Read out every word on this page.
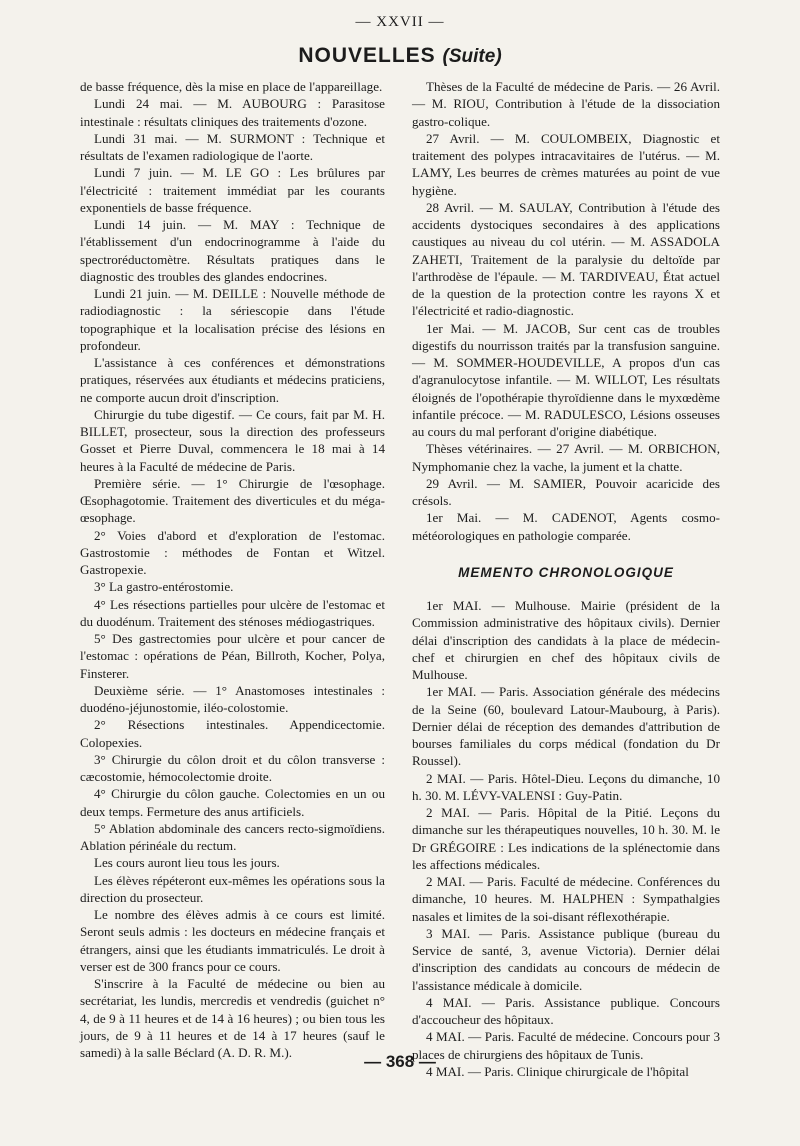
— XXVII —
NOUVELLES (Suite)

de basse fréquence, dès la mise en place de l'appareillage.

Lundi 24 mai. — M. AUBOURG : Parasitose intestinale : résultats cliniques des traitements d'ozone.

Lundi 31 mai. — M. SURMONT : Technique et résultats de l'examen radiologique de l'aorte.

Lundi 7 juin. — M. LE GO : Les brûlures par l'électricité : traitement immédiat par les courants exponentiels de basse fréquence.

Lundi 14 juin. — M. MAY : Technique de l'établissement d'un endocrinogramme à l'aide du spectroréductomètre. Résultats pratiques dans le diagnostic des troubles des glandes endocrines.

Lundi 21 juin. — M. DEILLE : Nouvelle méthode de radiodiagnostic : la sériescopie dans l'étude topographique et la localisation précise des lésions en profondeur.

L'assistance à ces conférences et démonstrations pratiques, réservées aux étudiants et médecins praticiens, ne comporte aucun droit d'inscription.

Chirurgie du tube digestif. — Ce cours, fait par M. H. BILLET, prosecteur, sous la direction des professeurs Gosset et Pierre Duval, commencera le 18 mai à 14 heures à la Faculté de médecine de Paris.

Première série. — 1° Chirurgie de l'œsophage. Œsophagotomie. Traitement des diverticules et du méga-œsophage.

2° Voies d'abord et d'exploration de l'estomac. Gastrostomie : méthodes de Fontan et Witzel. Gastropexie.

3° La gastro-entérostomie.

4° Les résections partielles pour ulcère de l'estomac et du duodénum. Traitement des sténoses médiogastriques.

5° Des gastrectomies pour ulcère et pour cancer de l'estomac : opérations de Péan, Billroth, Kocher, Polya, Finsterer.

Deuxième série. — 1° Anastomoses intestinales : duodéno-jéjunostomie, iléo-colostomie.

2° Résections intestinales. Appendicectomie. Colopexies.

3° Chirurgie du côlon droit et du côlon transverse : cæcostomie, hémocolectomie droite.

4° Chirurgie du côlon gauche. Colectomies en un ou deux temps. Fermeture des anus artificiels.

5° Ablation abdominale des cancers recto-sigmoïdiens. Ablation périnéale du rectum.

Les cours auront lieu tous les jours.

Les élèves répéteront eux-mêmes les opérations sous la direction du prosecteur.

Le nombre des élèves admis à ce cours est limité. Seront seuls admis : les docteurs en médecine français et étrangers, ainsi que les étudiants immatriculés. Le droit à verser est de 300 francs pour ce cours.

S'inscrire à la Faculté de médecine ou bien au secrétariat, les lundis, mercredis et vendredis (guichet n° 4, de 9 à 11 heures et de 14 à 16 heures) ; ou bien tous les jours, de 9 à 11 heures et de 14 à 17 heures (sauf le samedi) à la salle Béclard (A. D. R. M.).

Thèses de la Faculté de médecine de Paris. — 26 Avril. — M. RIOU, Contribution à l'étude de la dissociation gastro-colique.

27 Avril. — M. COULOMBEIX, Diagnostic et traitement des polypes intracavitaires de l'utérus. — M. LAMY, Les beurres de crèmes maturées au point de vue hygiène.

28 Avril. — M. SAULAY, Contribution à l'étude des accidents dystociques secondaires à des applications caustiques au niveau du col utérin. — M. ASSADOLA ZAHETI, Traitement de la paralysie du deltoïde par l'arthrodèse de l'épaule. — M. TARDIVEAU, État actuel de la question de la protection contre les rayons X et l'électricité et radio-diagnostic.

1er Mai. — M. JACOB, Sur cent cas de troubles digestifs du nourrisson traités par la transfusion sanguine. — M. SOMMER-HOUDEVILLE, A propos d'un cas d'agranulocytose infantile. — M. WILLOT, Les résultats éloignés de l'opothérapie thyroïdienne dans le myxœdème infantile précoce. — M. RADULESCO, Lésions osseuses au cours du mal perforant d'origine diabétique.

Thèses vétérinaires. — 27 Avril. — M. ORBICHON, Nymphomanie chez la vache, la jument et la chatte.

29 Avril. — M. SAMIER, Pouvoir acaricide des crésols.

1er Mai. — M. CADENOT, Agents cosmo-météorologiques en pathologie comparée.

MEMENTO CHRONOLOGIQUE

1er MAI. — Mulhouse. Mairie (président de la Commission administrative des hôpitaux civils). Dernier délai d'inscription des candidats à la place de médecin-chef et chirurgien en chef des hôpitaux civils de Mulhouse.

1er MAI. — Paris. Association générale des médecins de la Seine (60, boulevard Latour-Maubourg, à Paris). Dernier délai de réception des demandes d'attribution de bourses familiales du corps médical (fondation du Dr Roussel).

2 MAI. — Paris. Hôtel-Dieu. Leçons du dimanche, 10 h. 30. M. LÉVY-VALENSI : Guy-Patin.

2 MAI. — Paris. Hôpital de la Pitié. Leçons du dimanche sur les thérapeutiques nouvelles, 10 h. 30. M. le Dr GRÉGOIRE : Les indications de la splénectomie dans les affections médicales.

2 MAI. — Paris. Faculté de médecine. Conférences du dimanche, 10 heures. M. HALPHEN : Sympathalgies nasales et limites de la soi-disant réflexothérapie.

3 MAI. — Paris. Assistance publique (bureau du Service de santé, 3, avenue Victoria). Dernier délai d'inscription des candidats au concours de médecin de l'assistance médicale à domicile.

4 MAI. — Paris. Assistance publique. Concours d'accoucheur des hôpitaux.

4 MAI. — Paris. Faculté de médecine. Concours pour 3 places de chirurgiens des hôpitaux de Tunis.

4 MAI. — Paris. Clinique chirurgicale de l'hôpital

— 368 —
